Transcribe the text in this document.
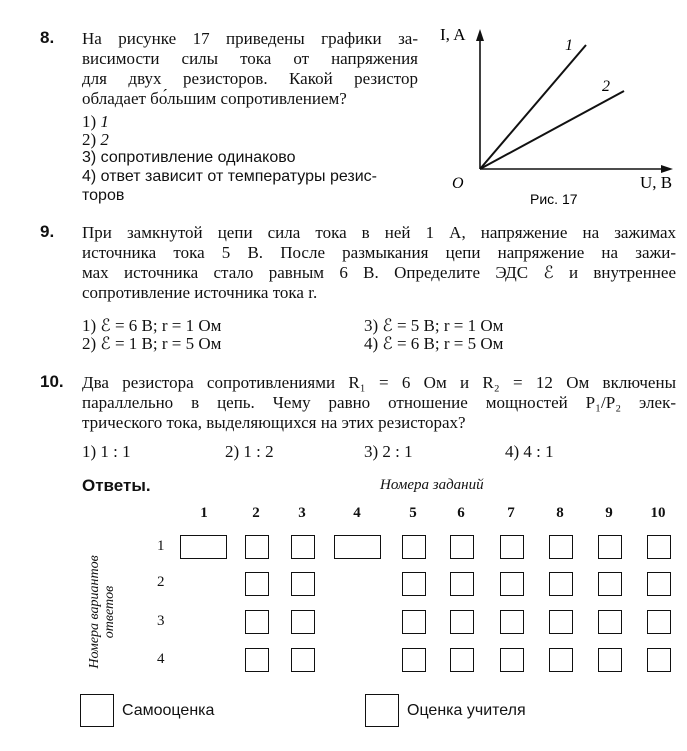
8. На рисунке 17 приведены графики за-
висимости силы тока от напряжения
для двух резисторов. Какой резистор
обладает бо́льшим сопротивлением?
1) 1
2) 2
3) сопротивление одинаково
4) ответ зависит от температуры резис-
торов
I, A
O	U, B
1
2
Рис. 17
9. При замкнутой цепи сила тока в ней 1 А, напряжение на зажимах
источника тока 5 В. После размыкания цепи напряжение на зажи-
мах источника стало равным 6 В. Определите ЭДС ℰ и внутреннее
сопротивление источника тока r.
1) ℰ = 6 В; r = 1 Ом
2) ℰ = 1 В; r = 5 Ом
3) ℰ = 5 В; r = 1 Ом
4) ℰ = 6 В; r = 5 Ом
10. Два резистора сопротивлениями R₁ = 6 Ом и R₂ = 12 Ом включены
параллельно в цепь. Чему равно отношение мощностей P₁/P₂ элек-
трического тока, выделяющихся на этих резисторах?
1) 1 : 1	2) 1 : 2	3) 2 : 1	4) 4 : 1
Ответы.	Номера заданий
Номера вариантов ответов
1	2	3	4	5	6	7	8	9	10
1
2
3
4
Самооценка	Оценка учителя
